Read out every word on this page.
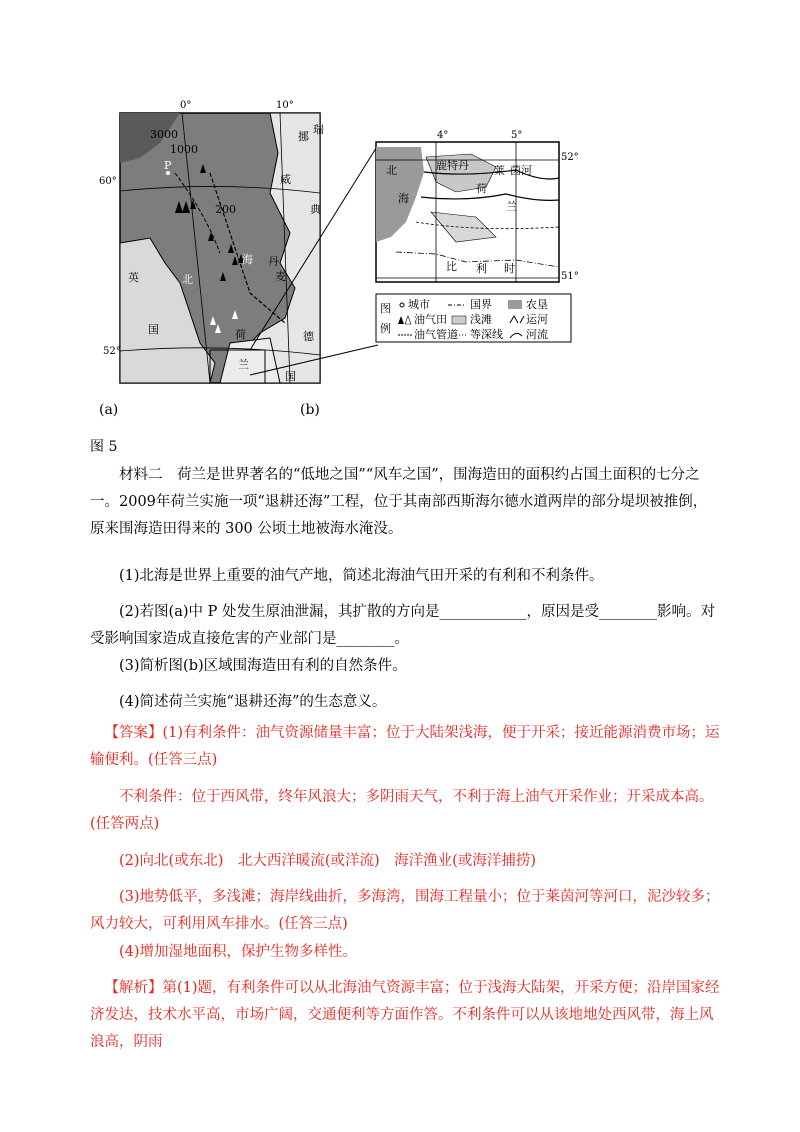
3000
1000
200
挪
瑞
威
典
P
北
海 丹
麦
英
国
德
荷
兰
国
0°	10°
60°
52°
北
海
鹿特丹
荷
莱 茵河
兰
比 利 时
图
例
城市	国界	农垦
油气田 浅滩	运河
油气管道 等深线 河流
4°	5°
52°
51°
(a)	(b)
图 5
材料二　荷兰是世界著名的“低地之国”“风车之国”，围海造田的面积约占国土面积的七分之一。2009年荷兰实施一项“退耕还海”工程，位于其南部西斯海尔德水道两岸的部分堤坝被推倒，原来围海造田得来的 300 公顷土地被海水淹没。
(1)北海是世界上重要的油气产地，简述北海油气田开采的有利和不利条件。
(2)若图(a)中 P 处发生原油泄漏，其扩散的方向是____________，原因是受________影响。对受影响国家造成直接危害的产业部门是________。
(3)简析图(b)区域围海造田有利的自然条件。
(4)简述荷兰实施“退耕还海”的生态意义。
【答案】(1)有利条件：油气资源储量丰富；位于大陆架浅海，便于开采；接近能源消费市场；运输便利。(任答三点)
不利条件：位于西风带，终年风浪大；多阴雨天气，不利于海上油气开采作业；开采成本高。(任答两点)
(2)向北(或东北)　北大西洋暖流(或洋流)　海洋渔业(或海洋捕捞)
(3)地势低平，多浅滩；海岸线曲折，多海湾，围海工程量小；位于莱茵河等河口，泥沙较多；风力较大，可利用风车排水。(任答三点)
(4)增加湿地面积，保护生物多样性。
【解析】第(1)题，有利条件可以从北海油气资源丰富；位于浅海大陆架，开采方便；沿岸国家经济发达，技术水平高，市场广阔，交通便利等方面作答。不利条件可以从该地地处西风带，海上风浪高，阴雨
